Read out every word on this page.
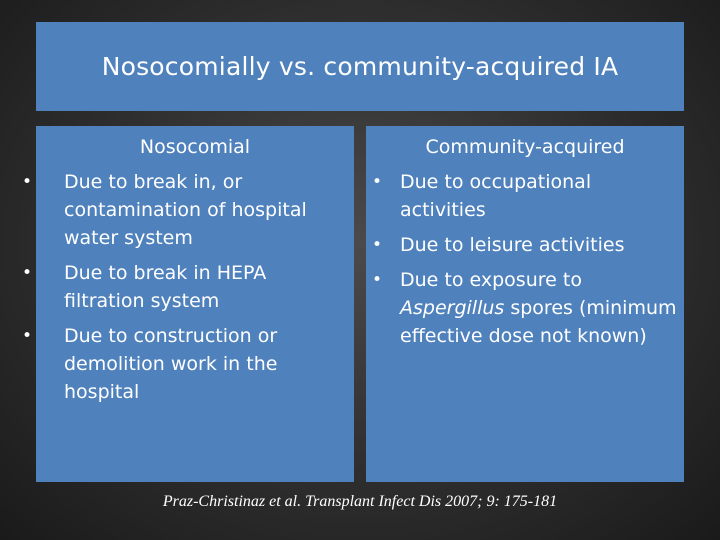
Nosocomially vs. community-acquired IA
Nosocomial
• Due to break in, or contamination of hospital water system
• Due to break in HEPA filtration system
• Due to construction or demolition work in the hospital
Community-acquired
• Due to occupational activities
• Due to leisure activities
• Due to exposure to Aspergillus spores (minimum effective dose not known)
Praz-Christinaz et al. Transplant Infect Dis 2007; 9: 175-181
